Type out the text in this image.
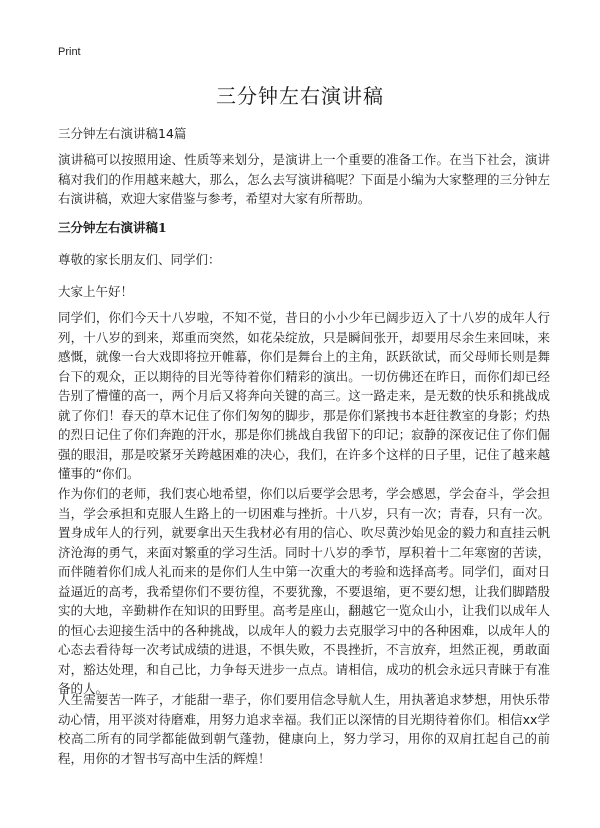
Print
三分钟左右演讲稿
三分钟左右演讲稿14篇

演讲稿可以按照用途、性质等来划分，是演讲上一个重要的准备工作。在当下社会，演讲稿对我们的作用越来越大，那么，怎么去写演讲稿呢？下面是小编为大家整理的三分钟左右演讲稿，欢迎大家借鉴与参考，希望对大家有所帮助。

三分钟左右演讲稿1
尊敬的家长朋友们、同学们：
大家上午好！

同学们，你们今天十八岁啦，不知不觉，昔日的小小少年已阔步迈入了十八岁的成年人行列，十八岁的到来，郑重而突然，如花朵绽放，只是瞬间张开，却要用尽余生来回味，来感慨，就像一台大戏即将拉开帷幕，你们是舞台上的主角，跃跃欲试，而父母师长则是舞台下的观众，正以期待的目光等待着你们精彩的演出。一切仿佛还在昨日，而你们却已经告别了懵懂的高一，两个月后又将奔向关键的高三。这一路走来，是无数的快乐和挑战成就了你们！春天的草木记住了你们匆匆的脚步，那是你们紧拽书本赶往教室的身影；灼热的烈日记住了你们奔跑的汗水，那是你们挑战自我留下的印记；寂静的深夜记住了你们倔强的眼泪，那是咬紧牙关跨越困难的决心，我们，在许多个这样的日子里，记住了越来越懂事的“你们。

作为你们的老师，我们衷心地希望，你们以后要学会思考，学会感恩，学会奋斗，学会担当，学会承担和克服人生路上的一切困难与挫折。十八岁，只有一次；青春，只有一次。置身成年人的行列，就要拿出天生我材必有用的信心、吹尽黄沙始见金的毅力和直挂云帆济沧海的勇气，来面对繁重的学习生活。同时十八岁的季节，厚积着十二年寒窗的苦读，而伴随着你们成人礼而来的是你们人生中第一次重大的考验和选择高考。同学们，面对日益逼近的高考，我希望你们不要彷徨，不要犹豫，不要退缩，更不要幻想，让我们脚踏殷实的大地，辛勤耕作在知识的田野里。高考是座山，翻越它一览众山小，让我们以成年人的恒心去迎接生活中的各种挑战，以成年人的毅力去克服学习中的各种困难，以成年人的心态去看待每一次考试成绩的进退，不惧失败，不畏挫折，不言放弃，坦然正视，勇敢面对，豁达处理，和自己比，力争每天进步一点点。请相信，成功的机会永远只青睐于有准备的人。

人生需要苦一阵子，才能甜一辈子，你们要用信念导航人生，用执著追求梦想，用快乐带动心情，用平淡对待磨难，用努力追求幸福。我们正以深情的目光期待着你们。相信xx学校高二所有的同学都能做到朝气蓬勃，健康向上，努力学习，用你的双肩扛起自己的前程，用你的才智书写高中生活的辉煌！
